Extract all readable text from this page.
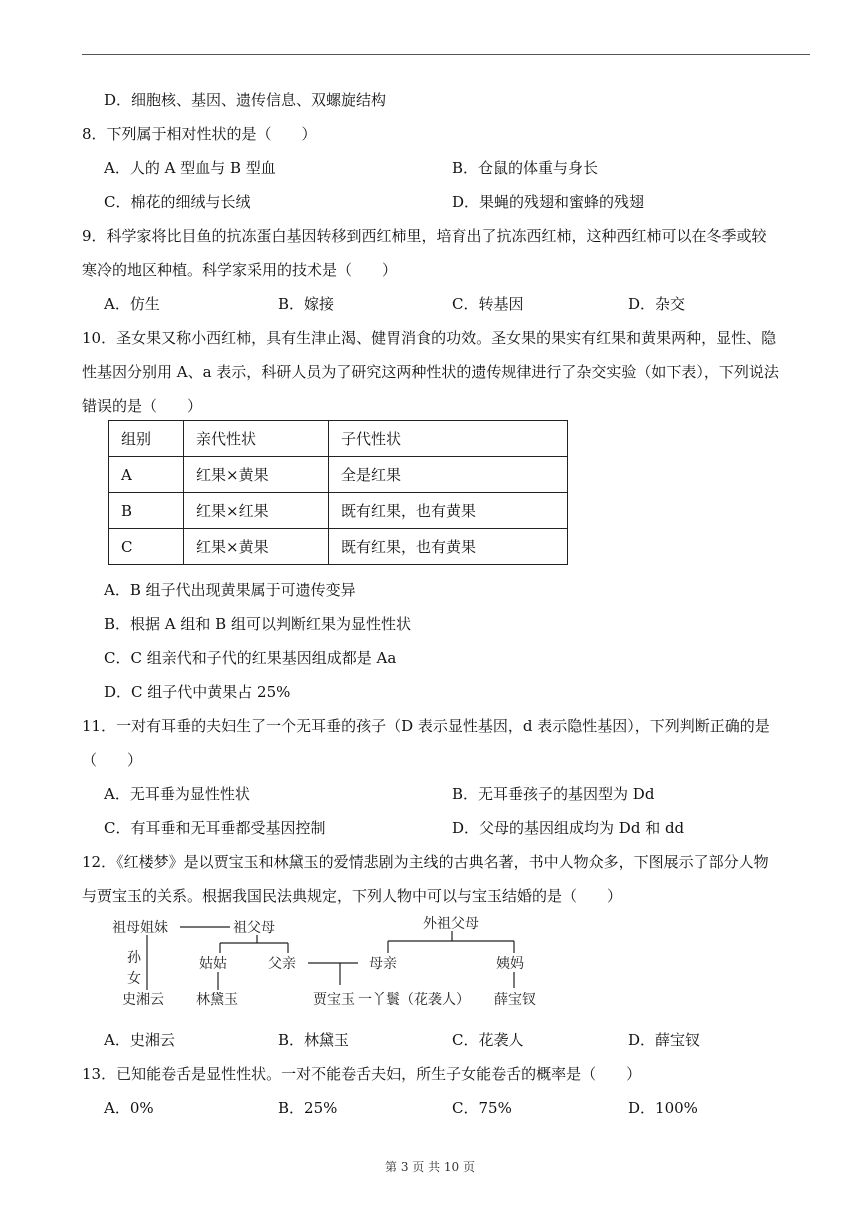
D．细胞核、基因、遗传信息、双螺旋结构
8．下列属于相对性状的是（　　）
A．人的 A 型血与 B 型血	B．仓鼠的体重与身长
C．棉花的细绒与长绒	D．果蝇的残翅和蜜蜂的残翅
9．科学家将比目鱼的抗冻蛋白基因转移到西红柿里，培育出了抗冻西红柿，这种西红柿可以在冬季或较
寒冷的地区种植。科学家采用的技术是（　　）
A．仿生	B．嫁接	C．转基因	D．杂交
10．圣女果又称小西红柿，具有生津止渴、健胃消食的功效。圣女果的果实有红果和黄果两种，显性、隐
性基因分别用 A、a 表示，科研人员为了研究这两种性状的遗传规律进行了杂交实验（如下表），下列说法
错误的是（　　）
组别	亲代性状	子代性状
A	红果×黄果	全是红果
B	红果×红果	既有红果，也有黄果
C	红果×黄果	既有红果，也有黄果
A．B 组子代出现黄果属于可遗传变异
B．根据 A 组和 B 组可以判断红果为显性性状
C．C 组亲代和子代的红果基因组成都是 Aa
D．C 组子代中黄果占 25%
11．一对有耳垂的夫妇生了一个无耳垂的孩子（D 表示显性基因，d 表示隐性基因），下列判断正确的是
（　　）
A．无耳垂为显性性状	B．无耳垂孩子的基因型为 Dd
C．有耳垂和无耳垂都受基因控制	D．父母的基因组成均为 Dd 和 dd
12．《红楼梦》是以贾宝玉和林黛玉的爱情悲剧为主线的古典名著，书中人物众多，下图展示了部分人物
与贾宝玉的关系。根据我国民法典规定，下列人物中可以与宝玉结婚的是（　　）
祖母姐妹	祖父母	外祖父母
姑姑	父亲	母亲	姨妈
孙
女
史湘云 林黛玉	贾宝玉 一丫鬟（花袭人） 薛宝钗
A．史湘云	B．林黛玉	C．花袭人	D．薛宝钗
13．已知能卷舌是显性性状。一对不能卷舌夫妇，所生子女能卷舌的概率是（　　）
A．0%	B．25%	C．75%	D．100%
第 3 页 共 10 页
